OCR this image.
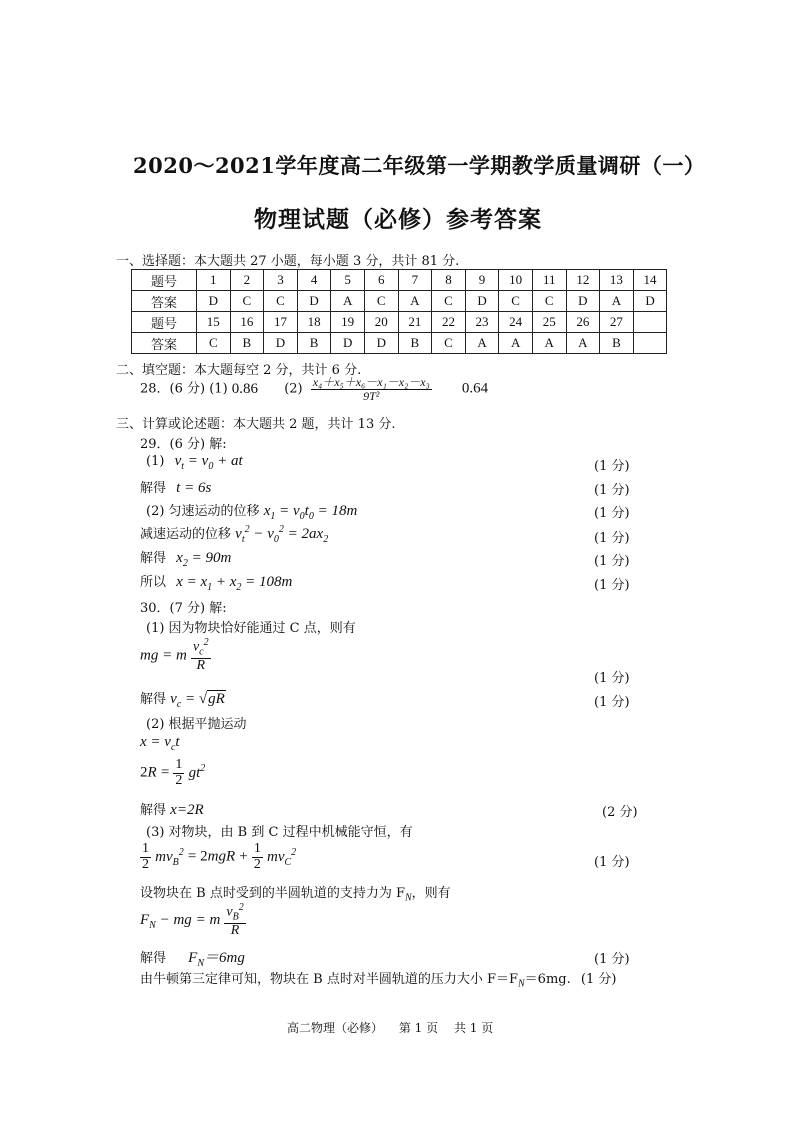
2020～2021学年度高二年级第一学期教学质量调研（一）
物理试题（必修）参考答案
一、选择题：本大题共 27 小题，每小题 3 分，共计 81 分.
题号	1	2	3	4	5	6	7	8	9	10	11	12	13	14
答案	D	C	C	D	A	C	A	C	D	C	C	D	A	D
题号	15	16	17	18	19	20	21	22	23	24	25	26	27	
答案	C	B	D	B	D	D	B	C	A	A	A	A	B	
二、填空题：本大题每空 2 分，共计 6 分.
28．(6 分) (1) 0.86 $(2) \frac{\text{x₄＋x₅＋x₆－x₁－x₂－x₃}}{\text{9T²}} 0.64$
三、计算或论述题：本大题共 2 题，共计 13 分.
29．(6 分) 解:
(1) $v_t = v_0$ + at	(1 分)
解得 t = 6s	(1 分)
(2) 匀速运动的位移 $x_1 = v_0t_0 = 18m$	(1 分)
减速运动的位移 $v_t^2 - v_0^2 = 2ax_2$	(1 分)
解得 $x_2 = 90m$	(1 分)
所以 $x = x_1 + x_2 = 108m$	(1 分)
30．(7 分) 解:
(1) 因为物块恰好能通过 C 点，则有
mg = m $\frac{v_c^2}{R}$
(1 分)
解得 $v_c = √gR$	(1 分)
(2) 根据平抛运动
$x = v_ct$
$2R = \frac{1}{2} gt^2$
解得 x=2R	(2 分)
(3) 对物块，由 B 到 C 过程中机械能守恒，有
$\frac{1}{2} mv_B^2 = 2mgR + \frac{1}{2} mv_C^2$
(1 分)
设物块在 B 点时受到的半圆轨道的支持力为 $F_N$，则有
$F_N$ − mg = m $\frac{v_B^2}{R}$
解得 $F_N=6mg$	(1 分)
由牛顿第三定律可知，物块在 B 点时对半圆轨道的压力大小 $F=F_N=6mg$. (1 分)
高二物理（必修） 第 1 页 共 1 页
